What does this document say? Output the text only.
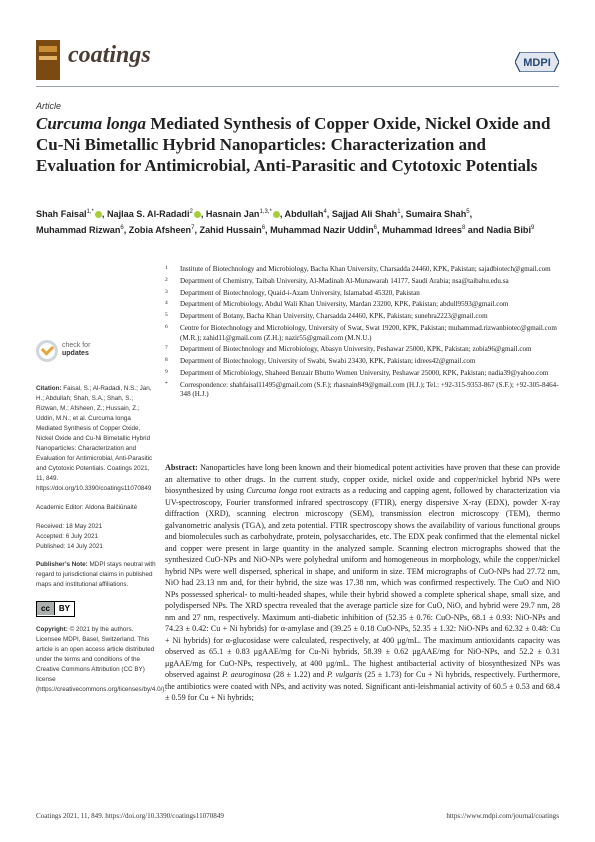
coatings	MDPI
Article
Curcuma longa Mediated Synthesis of Copper Oxide, Nickel Oxide and Cu-Ni Bimetallic Hybrid Nanoparticles: Characterization and Evaluation for Antimicrobial, Anti-Parasitic and Cytotoxic Potentials
Shah Faisal$^{1,*}$ , Najlaa S. Al-Radadi$^2$ , Hasnain Jan$^{1,3,*}$ , Abdullah$^4$, Sajjad Ali Shah$^1$, Sumaira Shah$^5$, Muhammad Rizwan$^6$, Zobia Afsheen$^7$, Zahid Hussain$^6$, Muhammad Nazir Uddin$^6$, Muhammad Idrees$^8$ and Nadia Bibi$^9$
1 Institute of Biotechnology and Microbiology, Bacha Khan University, Charsadda 24460, KPK, Pakistan; sajadbiotech@gmail.com
2 Department of Chemistry, Taibah University, Al-Madinah Al-Munawarah 14177, Saudi Arabia; nsa@taibahu.edu.sa
3 Department of Biotechnology, Quaid-i-Azam University, Islamabad 45320, Pakistan
4 Department of Microbiology, Abdul Wali Khan University, Mardan 23200, KPK, Pakistan; abdull9593@gmail.com
5 Department of Botany, Bacha Khan University, Charsadda 24460, KPK, Pakistan; sunehra2223@gmail.com
6 Centre for Biotechnology and Microbiology, University of Swat, Swat 19200, KPK, Pakistan; muhammad.rizwanbiotec@gmail.com (M.R.); zahid11@gmail.com (Z.H.); nazir55@gmail.com (M.N.U.)
7 Department of Biotechnology and Microbiology, Abasyn University, Peshawar 25000, KPK, Pakistan; zobia96@gmail.com
8 Department of Biotechnology, University of Swabi, Swabi 23430, KPK, Pakistan; idrees42@gmail.com
9 Department of Microbiology, Shaheed Benzair Bhutto Women University, Peshawar 25000, KPK, Pakistan; nadia39@yahoo.com
* Correspondence: shahfaisal11495@gmail.com (S.F.); rhasnain849@gmail.com (H.J.); Tel.: +92-315-9353-867 (S.F.); +92-305-8464-348 (H.J.)
check for
updates
Citation: Faisal, S.; Al-Radadi, N.S.; Jan, H.; Abdullah; Shah, S.A.; Shah, S.; Rizwan, M.; Afsheen, Z.; Hussain, Z.; Uddin, M.N.; et al. Curcuma longa Mediated Synthesis of Copper Oxide, Nickel Oxide and Cu-Ni Bimetallic Hybrid Nanoparticles: Characterization and Evaluation for Antimicrobial, Anti-Parasitic and Cytotoxic Potentials. Coatings 2021, 11, 849. https://doi.org/10.3390/coatings11070849
Academic Editor: Aldona Balčiūnaitė
Received: 18 May 2021
Accepted: 6 July 2021
Published: 14 July 2021
Publisher’s Note: MDPI stays neutral with regard to jurisdictional claims in published maps and institutional affiliations.
cc	BY
Copyright: © 2021 by the authors. Licensee MDPI, Basel, Switzerland. This article is an open access article distributed under the terms and conditions of the Creative Commons Attribution (CC BY) license (https://creativecommons.org/licenses/by/4.0/).
Abstract: Nanoparticles have long been known and their biomedical potent activities have proven that these can provide an alternative to other drugs. In the current study, copper oxide, nickel oxide and copper/nickel hybrid NPs were biosynthesized by using Curcuma longa root extracts as a reducing and capping agent, followed by characterization via UV-spectroscopy, Fourier transformed infrared spectroscopy (FTIR), energy dispersive X-ray (EDX), powder X-ray diffraction (XRD), scanning electron microscopy (SEM), transmission electron microscopy (TEM), thermo galvanometric analysis (TGA), and zeta potential. FTIR spectroscopy shows the availability of various functional groups and biomolecules such as carbohydrate, protein, polysaccharides, etc. The EDX peak confirmed that the elemental nickel and copper were present in large quantity in the analyzed sample. Scanning electron micrographs showed that the synthesized CuO-NPs and NiO-NPs were polyhedral uniform and homogeneous in morphology, while the copper/nickel hybrid NPs were well dispersed, spherical in shape, and uniform in size. TEM micrographs of CuO-NPs had 27.72 nm, NiO had 23.13 nm and, for their hybrid, the size was 17.38 nm, which was confirmed respectively. The CuO and NiO NPs possessed spherical- to multi-headed shapes, while their hybrid showed a complete spherical shape, small size, and polydispersed NPs. The XRD spectra revealed that the average particle size for CuO, NiO, and hybrid were 29.7 nm, 28 nm and 27 nm, respectively. Maximum anti-diabetic inhibition of (52.35 ± 0.76: CuO-NPs, 68.1 ± 0.93: NiO-NPs and 74.23 ± 0.42: Cu + Ni hybrids) for α-amylase and (39.25 ± 0.18 CuO-NPs, 52.35 ± 1.32: NiO-NPs and 62.32 ± 0.48: Cu + Ni hybrids) for α-glucosidase were calculated, respectively, at 400 μg/mL. The maximum antioxidants capacity was observed as 65.1 ± 0.83 μgAAE/mg for Cu-Ni hybrids, 58.39 ± 0.62 μgAAE/mg for NiO-NPs, and 52.2 ± 0.31 μgAAE/mg for CuO-NPs, respectively, at 400 μg/mL. The highest antibacterial activity of biosynthesized NPs was observed against P. aeuroginosa (28 ± 1.22) and P. vulgaris (25 ± 1.73) for Cu + Ni hybrids, respectively. Furthermore, the antibiotics were coated with NPs, and activity was noted. Significant anti-leishmanial activity of 60.5 ± 0.53 and 68.4 ± 0.59 for Cu + Ni hybrids;
Coatings 2021, 11, 849. https://doi.org/10.3390/coatings11070849	https://www.mdpi.com/journal/coatings
